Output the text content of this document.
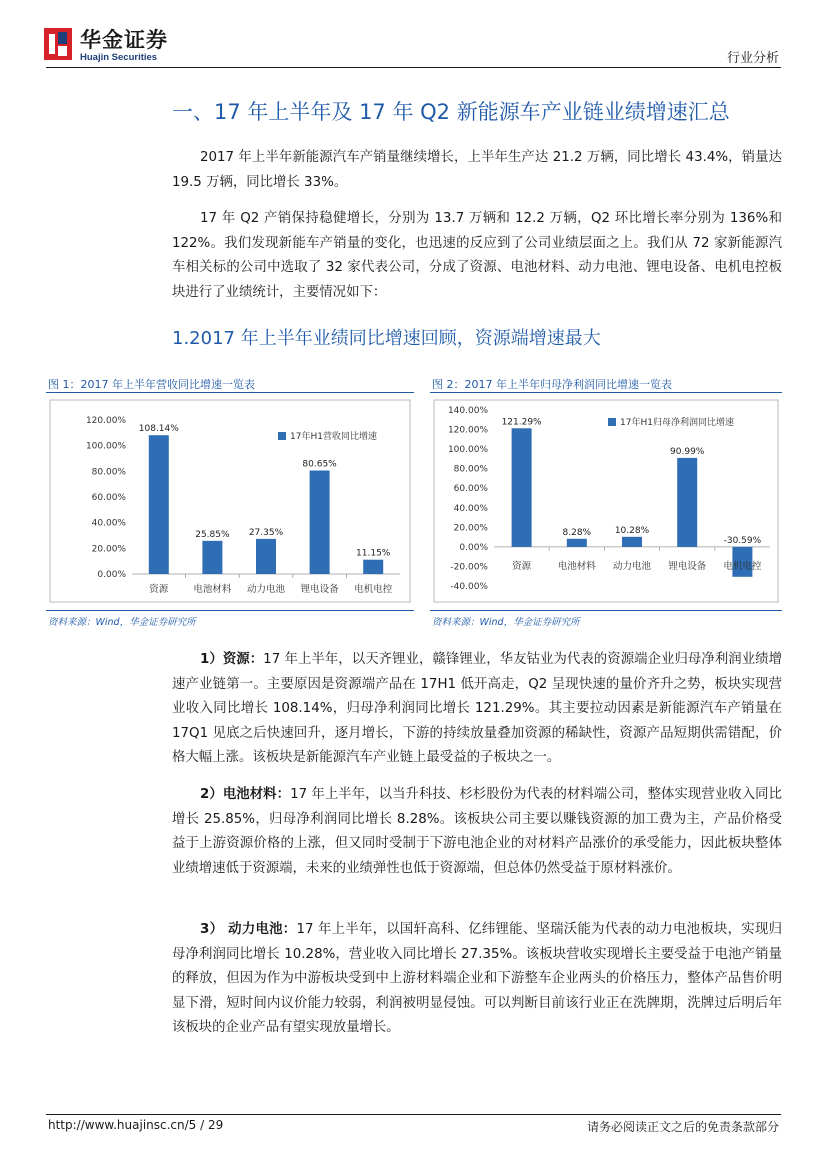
华金证券
Huajin Securities	行业分析
一、17 年上半年及 17 年 Q2 新能源车产业链业绩增速汇总

2017 年上半年新能源汽车产销量继续增长，上半年生产达 21.2 万辆，同比增长 43.4%，销量达 19.5 万辆，同比增长 33%。

17 年 Q2 产销保持稳健增长，分别为 13.7 万辆和 12.2 万辆，Q2 环比增长率分别为 136%和 122%。我们发现新能车产销量的变化，也迅速的反应到了公司业绩层面之上。我们从 72 家新能源汽车相关标的公司中选取了 32 家代表公司，分成了资源、电池材料、动力电池、锂电设备、电机电控板块进行了业绩统计，主要情况如下：

1.2017 年上半年业绩同比增速回顾，资源端增速最大
图 1：2017 年上半年营收同比增速一览表
0.00%
20.00%
40.00%
60.00%
80.00%
100.00%
120.00%
108.14%
资源
25.85%
电池材料
27.35%
动力电池
80.65%
锂电设备
11.15%
电机电控
17年H1营收同比增速
资料来源：Wind，华金证券研究所
图 2：2017 年上半年归母净利润同比增速一览表
-40.00%
-20.00%
0.00%
20.00%
40.00%
60.00%
80.00%
100.00%
120.00%
140.00%
121.29%
资源
8.28%
电池材料
10.28%
动力电池
90.99%
锂电设备
-30.59%
电机电控
17年H1归母净利润同比增速
资料来源：Wind，华金证券研究所

1）资源：17 年上半年，以天齐锂业，赣锋锂业，华友钴业为代表的资源端企业归母净利润业绩增速产业链第一。主要原因是资源端产品在 17H1 低开高走，Q2 呈现快速的量价齐升之势，板块实现营业收入同比增长 108.14%，归母净利润同比增长 121.29%。其主要拉动因素是新能源汽车产销量在 17Q1 见底之后快速回升，逐月增长，下游的持续放量叠加资源的稀缺性，资源产品短期供需错配，价格大幅上涨。该板块是新能源汽车产业链上最受益的子板块之一。

2）电池材料：17 年上半年，以当升科技、杉杉股份为代表的材料端公司，整体实现营业收入同比增长 25.85%，归母净利润同比增长 8.28%。该板块公司主要以赚钱资源的加工费为主，产品价格受益于上游资源价格的上涨，但又同时受制于下游电池企业的对材料产品涨价的承受能力，因此板块整体业绩增速低于资源端，未来的业绩弹性也低于资源端，但总体仍然受益于原材料涨价。

3） 动力电池：17 年上半年，以国轩高科、亿纬锂能、坚瑞沃能为代表的动力电池板块，实现归母净利润同比增长 10.28%，营业收入同比增长 27.35%。该板块营收实现增长主要受益于电池产销量的释放，但因为作为中游板块受到中上游材料端企业和下游整车企业两头的价格压力，整体产品售价明显下滑，短时间内议价能力较弱，利润被明显侵蚀。可以判断目前该行业正在洗牌期，洗牌过后明后年该板块的企业产品有望实现放量增长。

http://www.huajinsc.cn/5 / 29	请务必阅读正文之后的免责条款部分
